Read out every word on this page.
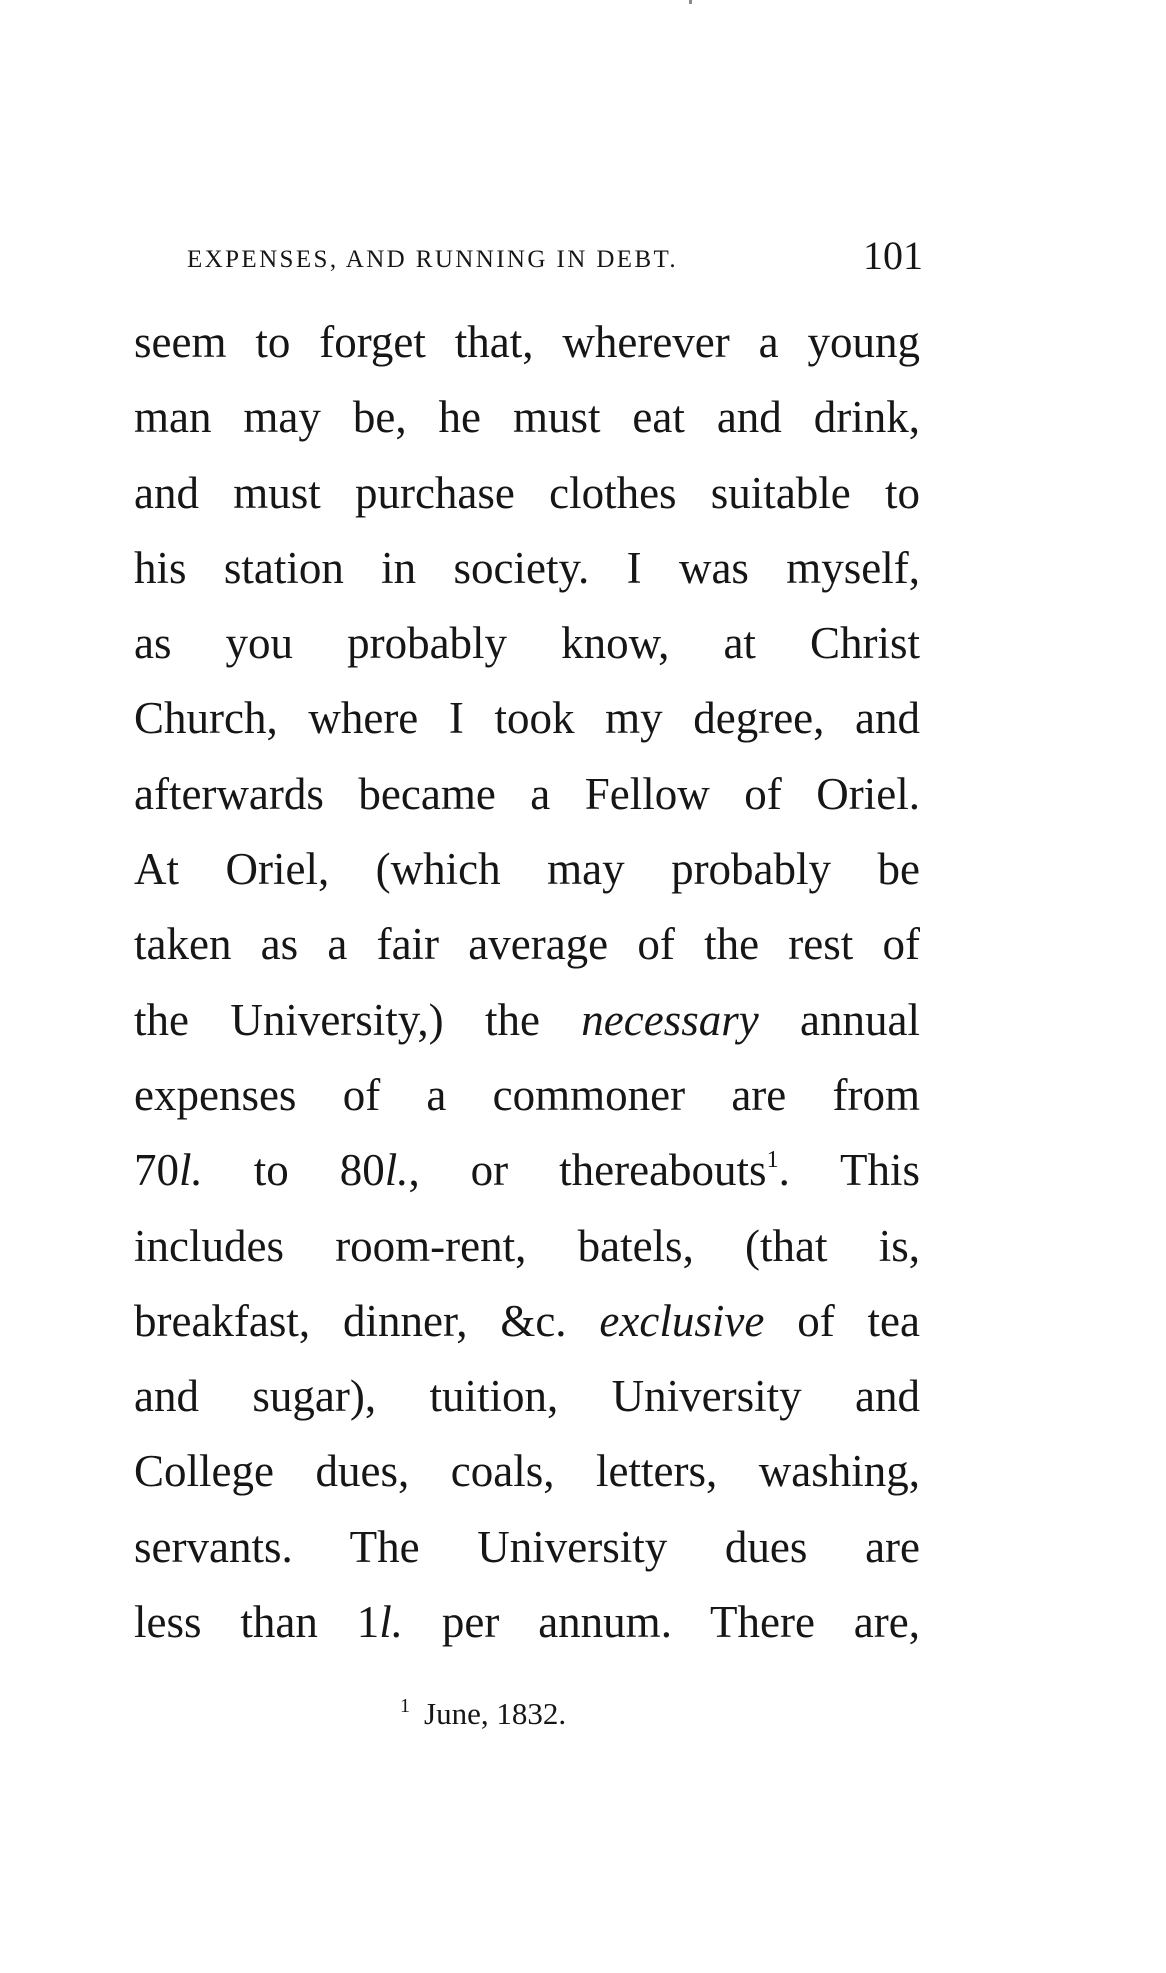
EXPENSES, AND RUNNING IN DEBT.	101
seem to forget that, wherever a young
man may be, he must eat and drink,
and must purchase clothes suitable to
his station in society. I was myself,
as you probably know, at Christ
Church, where I took my degree, and
afterwards became a Fellow of Oriel.
At Oriel, (which may probably be
taken as a fair average of the rest of
the University,) the necessary annual
expenses of a commoner are from
70l. to 80l., or thereabouts$^1$. This
includes room-rent, batels, (that is,
breakfast, dinner, &c. exclusive of tea
and sugar), tuition, University and
College dues, coals, letters, washing,
servants. The University dues are
less than 1l. per annum. There are,
$^1$ June, 1832.
